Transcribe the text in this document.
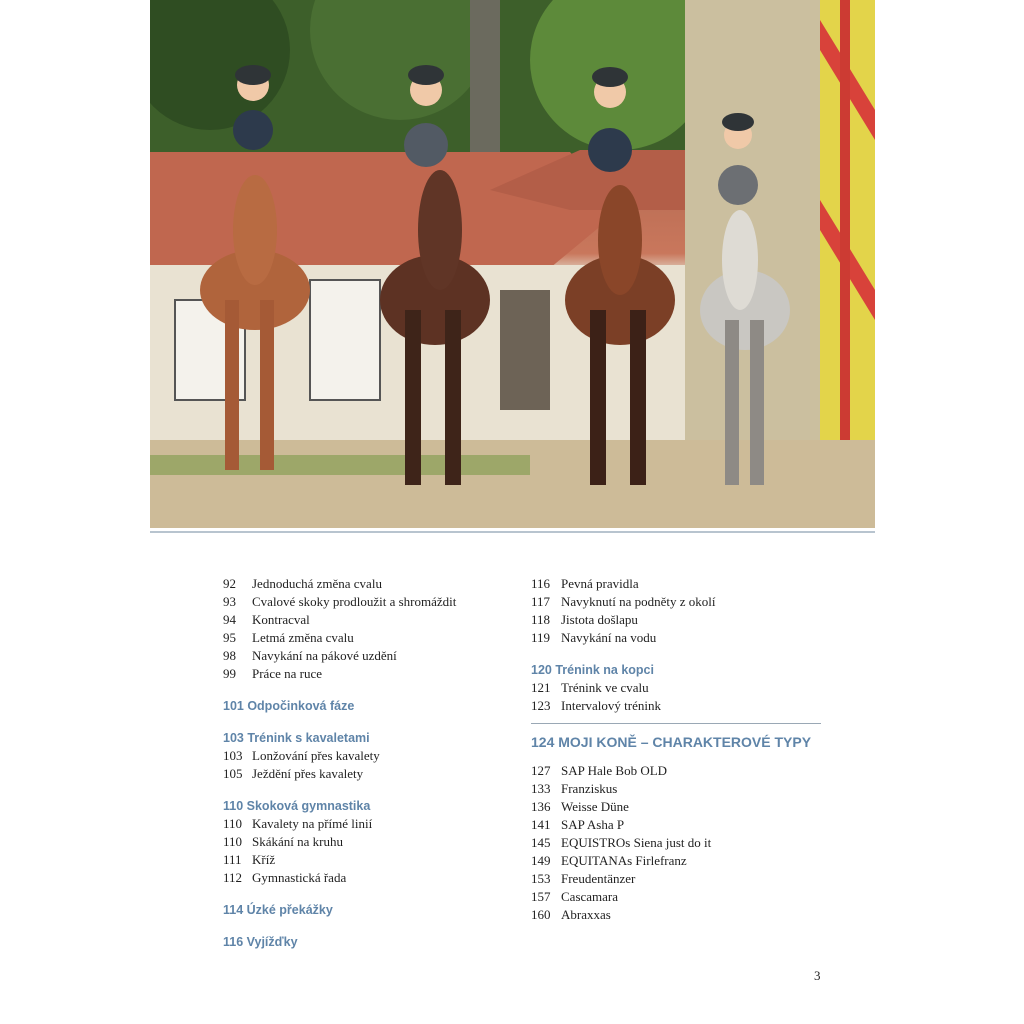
92 Jednoduchá změna cvalu
93 Cvalové skoky prodloužit a shromáždit
94 Kontracval
95 Letmá změna cvalu
98 Navykání na pákové uzdění
99 Práce na ruce
101 Odpočinková fáze
103 Trénink s kavaletami
103 Lonžování přes kavalety
105 Ježdění přes kavalety
110 Skoková gymnastika
110 Kavalety na přímé linií
110 Skákání na kruhu
111 Kříž
112 Gymnastická řada
114 Úzké překážky
116 Vyjížďky
116 Pevná pravidla
117 Navyknutí na podněty z okolí
118 Jistota došlapu
119 Navykání na vodu
120 Trénink na kopci
121 Trénink ve cvalu
123 Intervalový trénink
124 MOJI KONĚ – CHARAKTEROVÉ TYPY
127 SAP Hale Bob OLD
133 Franziskus
136 Weisse Düne
141 SAP Asha P
145 EQUISTROs Siena just do it
149 EQUITANAs Firlefranz
153 Freudentänzer
157 Cascamara
160 Abraxxas
3
